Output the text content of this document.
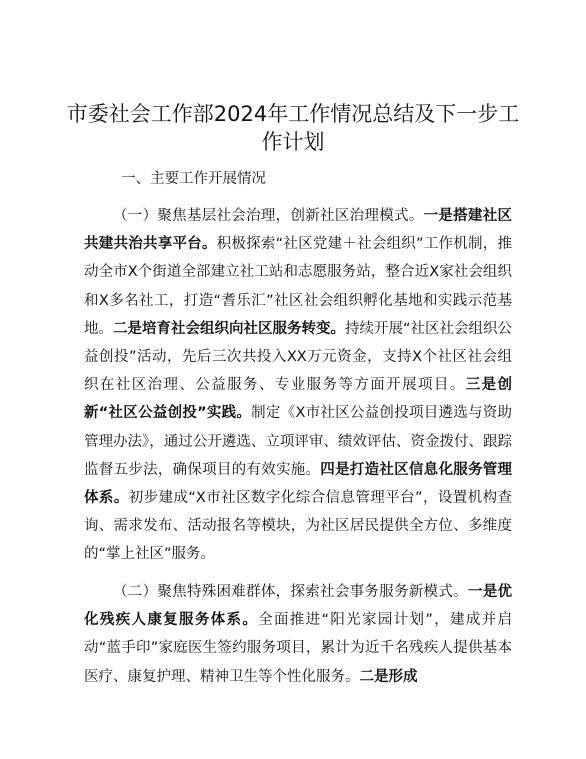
市委社会工作部2024年工作情况总结及下一步工作计划

一、主要工作开展情况

（一）聚焦基层社会治理，创新社区治理模式。一是搭建社区共建共治共享平台。积极探索“社区党建＋社会组织”工作机制，推动全市X个街道全部建立社工站和志愿服务站，整合近X家社会组织和X多名社工，打造“耆乐汇”社区社会组织孵化基地和实践示范基地。二是培育社会组织向社区服务转变。持续开展“社区社会组织公益创投”活动，先后三次共投入XX万元资金，支持X个社区社会组织在社区治理、公益服务、专业服务等方面开展项目。三是创新“社区公益创投”实践。制定《X市社区公益创投项目遴选与资助管理办法》，通过公开遴选、立项评审、绩效评估、资金拨付、跟踪监督五步法，确保项目的有效实施。四是打造社区信息化服务管理体系。初步建成“X市社区数字化综合信息管理平台”，设置机构查询、需求发布、活动报名等模块，为社区居民提供全方位、多维度的“掌上社区”服务。

（二）聚焦特殊困难群体，探索社会事务服务新模式。一是优化残疾人康复服务体系。全面推进“阳光家园计划”，建成并启动“蓝手印”家庭医生签约服务项目，累计为近千名残疾人提供基本医疗、康复护理、精神卫生等个性化服务。二是形成
